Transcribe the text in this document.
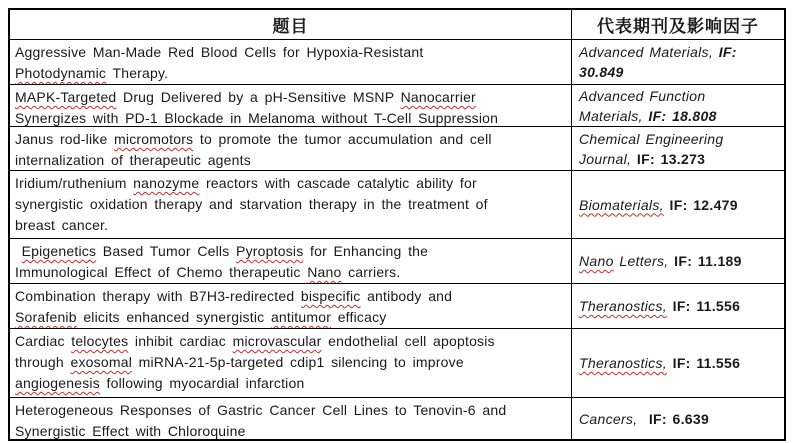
题目	代表期刊及影响因子
Aggressive Man-Made Red Blood Cells for Hypoxia-Resistant
Photodynamic Therapy.
Advanced Materials, IF:
30.849
MAPK-Targeted Drug Delivered by a pH-Sensitive MSNP Nanocarrier
Synergizes with PD-1 Blockade in Melanoma without T-Cell Suppression
Advanced Function
Materials, IF: 18.808
Janus rod-like micromotors to promote the tumor accumulation and cell
internalization of therapeutic agents
Chemical Engineering
Journal, IF: 13.273
Iridium/ruthenium nanozyme reactors with cascade catalytic ability for
synergistic oxidation therapy and starvation therapy in the treatment of
breast cancer.
Biomaterials, IF: 12.479
Epigenetics Based Tumor Cells Pyroptosis for Enhancing the
Immunological Effect of Chemo therapeutic Nano carriers.
Nano Letters, IF: 11.189
Combination therapy with B7H3-redirected bispecific antibody and
Sorafenib elicits enhanced synergistic antitumor efficacy
Theranostics, IF: 11.556
Cardiac telocytes inhibit cardiac microvascular endothelial cell apoptosis
through exosomal miRNA-21-5p-targeted cdip1 silencing to improve
angiogenesis following myocardial infarction
Theranostics, IF: 11.556
Heterogeneous Responses of Gastric Cancer Cell Lines to Tenovin-6 and
Synergistic Effect with Chloroquine
Cancers,  IF: 6.639
